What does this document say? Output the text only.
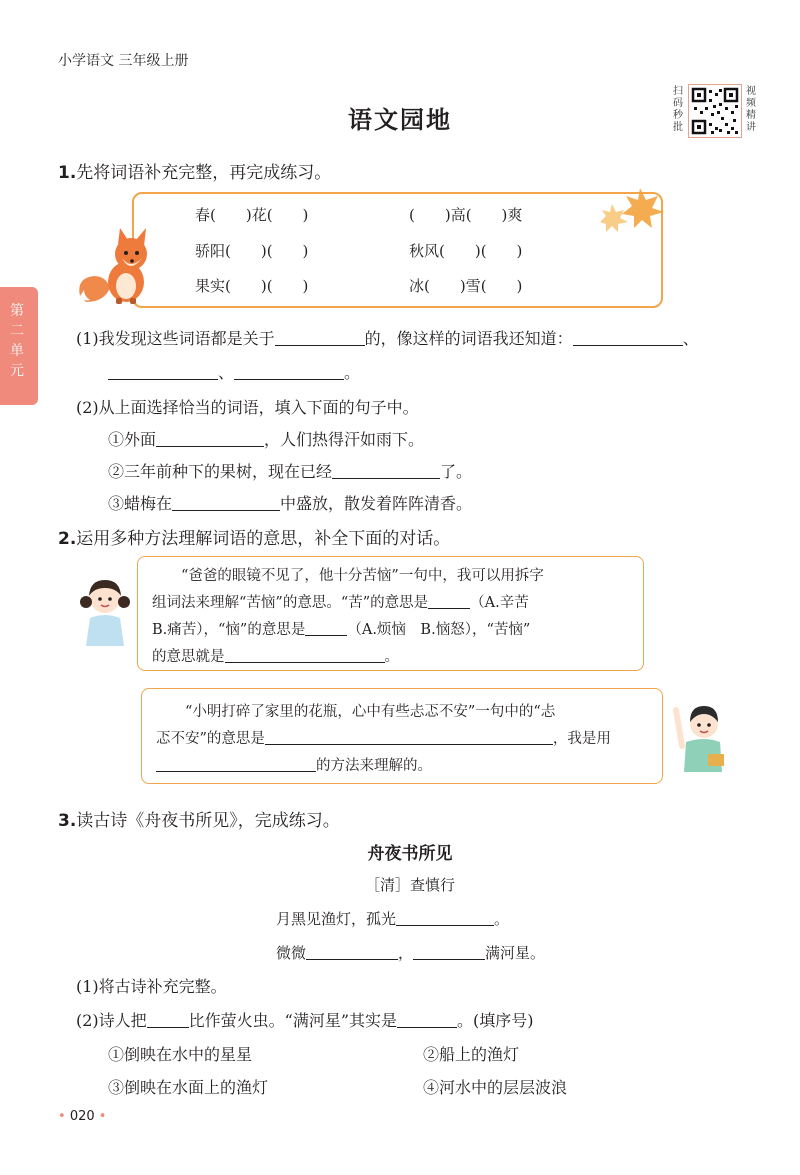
小学语文 三年级上册
语文园地
扫码秒批
视频精讲
第二单元
1.先将词语补充完整，再完成练习。
春(　　)花(　　)	(　　)高(　　)爽
骄阳(　　)(　　)	秋风(　　)(　　)
果实(　　)(　　)	冰(　　)雪(　　)
(1)我发现这些词语都是关于	的，像这样的词语我还知道：	、
、	。
(2)从上面选择恰当的词语，填入下面的句子中。
①外面	，人们热得汗如雨下。
②三年前种下的果树，现在已经	了。
③蜡梅在	中盛放，散发着阵阵清香。
2.运用多种方法理解词语的意思，补全下面的对话。
“爸爸的眼镜不见了，他十分苦恼”一句中，我可以用拆字
组词法来理解“苦恼”的意思。“苦”的意思是	（A.辛苦
B.痛苦），“恼”的意思是	（A.烦恼　B.恼怒），“苦恼”
的意思就是	。
“小明打碎了家里的花瓶，心中有些忐忑不安”一句中的“忐
忑不安”的意思是	，我是用
的方法来理解的。
3.读古诗《舟夜书所见》，完成练习。
舟夜书所见
［清］查慎行
月黑见渔灯，孤光	。
微微	，	满河星。
(1)将古诗补充完整。
(2)诗人把	比作萤火虫。“满河星”其实是	。(填序号)
①倒映在水中的星星	②船上的渔灯
③倒映在水面上的渔灯	④河水中的层层波浪
• 020 •
